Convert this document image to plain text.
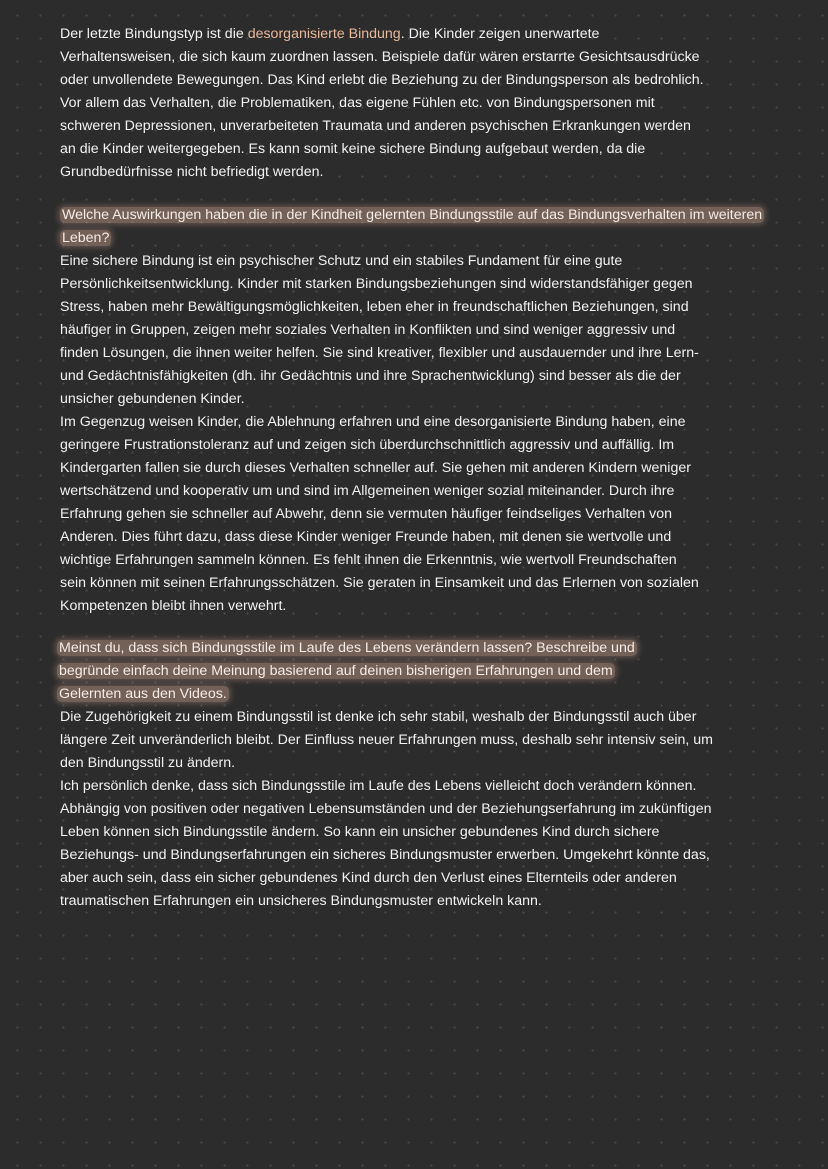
Der letzte Bindungstyp ist die desorganisierte Bindung. Die Kinder zeigen unerwartete
Verhaltensweisen, die sich kaum zuordnen lassen. Beispiele dafür wären erstarrte Gesichtsausdrücke
oder unvollendete Bewegungen. Das Kind erlebt die Beziehung zu der Bindungsperson als bedrohlich.
Vor allem das Verhalten, die Problematiken, das eigene Fühlen etc. von Bindungspersonen mit
schweren Depressionen, unverarbeiteten Traumata und anderen psychischen Erkrankungen werden
an die Kinder weitergegeben. Es kann somit keine sichere Bindung aufgebaut werden, da die
Grundbedürfnisse nicht befriedigt werden.
Welche Auswirkungen haben die in der Kindheit gelernten Bindungsstile auf das Bindungsverhalten im weiteren
Leben?
Eine sichere Bindung ist ein psychischer Schutz und ein stabiles Fundament für eine gute
Persönlichkeitsentwicklung. Kinder mit starken Bindungsbeziehungen sind widerstandsfähiger gegen
Stress, haben mehr Bewältigungsmöglichkeiten, leben eher in freundschaftlichen Beziehungen, sind
häufiger in Gruppen, zeigen mehr soziales Verhalten in Konflikten und sind weniger aggressiv und
finden Lösungen, die ihnen weiter helfen. Sie sind kreativer, flexibler und ausdauernder und ihre Lern-
und Gedächtnisfähigkeiten (dh. ihr Gedächtnis und ihre Sprachentwicklung) sind besser als die der
unsicher gebundenen Kinder.
Im Gegenzug weisen Kinder, die Ablehnung erfahren und eine desorganisierte Bindung haben, eine
geringere Frustrationstoleranz auf und zeigen sich überdurchschnittlich aggressiv und auffällig. Im
Kindergarten fallen sie durch dieses Verhalten schneller auf. Sie gehen mit anderen Kindern weniger
wertschätzend und kooperativ um und sind im Allgemeinen weniger sozial miteinander. Durch ihre
Erfahrung gehen sie schneller auf Abwehr, denn sie vermuten häufiger feindseliges Verhalten von
Anderen. Dies führt dazu, dass diese Kinder weniger Freunde haben, mit denen sie wertvolle und
wichtige Erfahrungen sammeln können. Es fehlt ihnen die Erkenntnis, wie wertvoll Freundschaften
sein können mit seinen Erfahrungsschätzen. Sie geraten in Einsamkeit und das Erlernen von sozialen
Kompetenzen bleibt ihnen verwehrt.
Meinst du, dass sich Bindungsstile im Laufe des Lebens verändern lassen? Beschreibe und
begründe einfach deine Meinung basierend auf deinen bisherigen Erfahrungen und dem
Gelernten aus den Videos.
Die Zugehörigkeit zu einem Bindungsstil ist denke ich sehr stabil, weshalb der Bindungsstil auch über
längere Zeit unveränderlich bleibt. Der Einfluss neuer Erfahrungen muss, deshalb sehr intensiv sein, um
den Bindungsstil zu ändern.
Ich persönlich denke, dass sich Bindungsstile im Laufe des Lebens vielleicht doch verändern können.
Abhängig von positiven oder negativen Lebensumständen und der Beziehungserfahrung im zukünftigen
Leben können sich Bindungsstile ändern. So kann ein unsicher gebundenes Kind durch sichere
Beziehungs- und Bindungserfahrungen ein sicheres Bindungsmuster erwerben. Umgekehrt könnte das,
aber auch sein, dass ein sicher gebundenes Kind durch den Verlust eines Elternteils oder anderen
traumatischen Erfahrungen ein unsicheres Bindungsmuster entwickeln kann.
